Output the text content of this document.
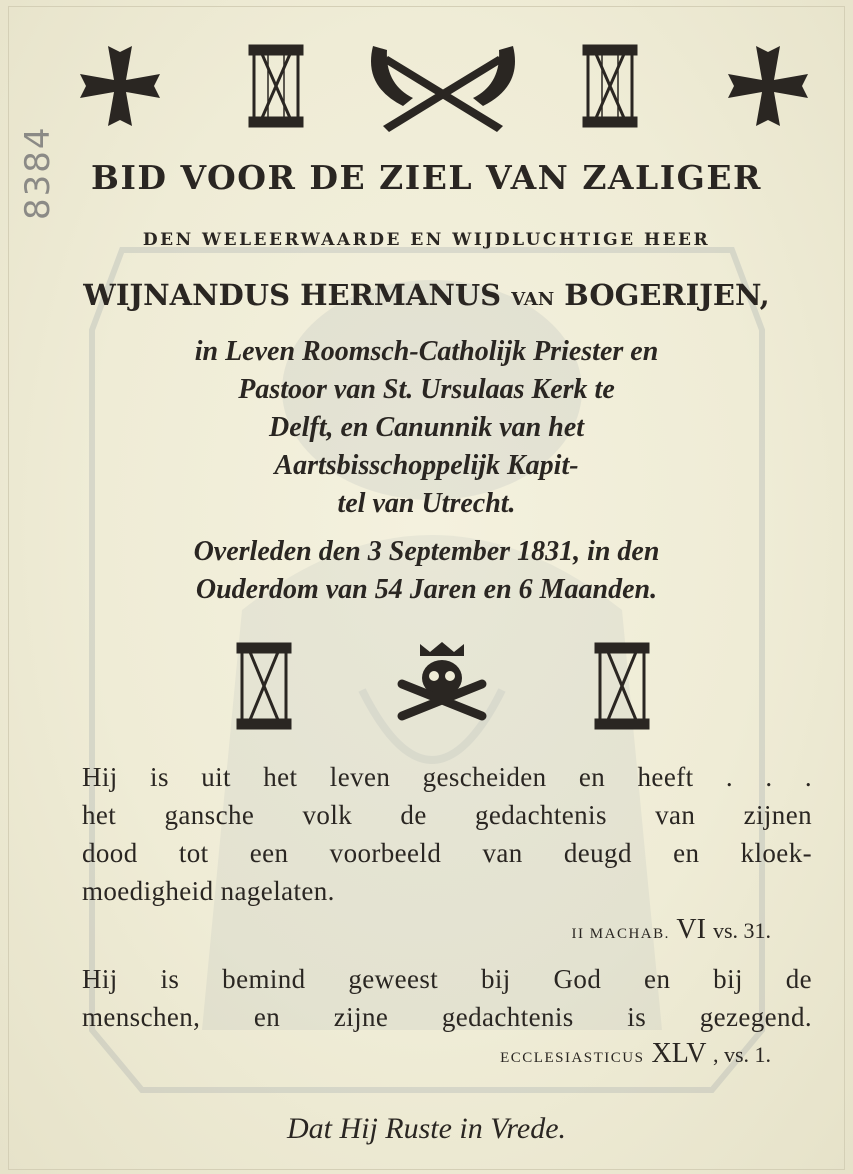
8384	BID VOOR DE ZIEL VAN ZALIGER
DEN WELEERWAARDE EN WIJDLUCHTIGE HEER
WIJNANDUS HERMANUS VAN BOGERIJEN,
in Leven Roomsch-Catholijk Priester en
Pastoor van St. Ursulaas Kerk te
Delft, en Canunnik van het
Aartsbisschoppelijk Kapit-
tel van Utrecht.
Overleden den 3 September 1831, in den
Ouderdom van 54 Jaren en 6 Maanden.
Hij is uit het leven gescheiden en heeft . . .
het gansche volk de gedachtenis van zijnen
dood tot een voorbeeld van deugd en kloek-
moedigheid nagelaten.
II MACHAB. VI vs. 31.
Hij is bemind geweest bij God en bij de
menschen, en zijne gedachtenis is gezegend.
ECCLESIASTICUS XLV , vs. 1.
Dat Hij Ruste in Vrede.
